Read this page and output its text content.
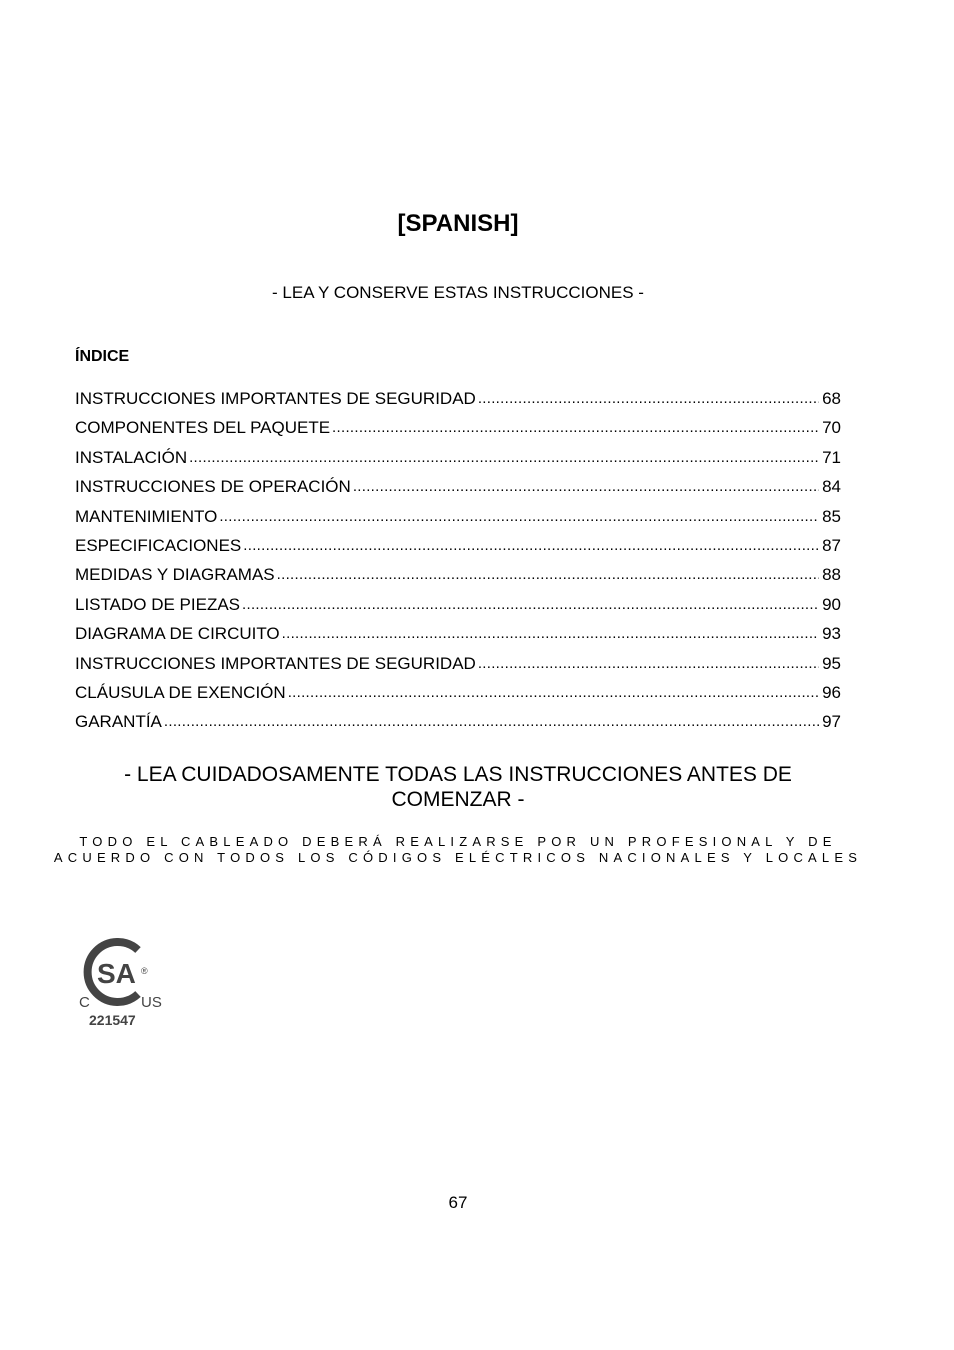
[SPANISH]
- LEA Y CONSERVE ESTAS INSTRUCCIONES -
ÍNDICE
INSTRUCCIONES IMPORTANTES DE SEGURIDAD .....	68
COMPONENTES DEL PAQUETE .....	70
INSTALACIÓN .....	71
INSTRUCCIONES DE OPERACIÓN .....	84
MANTENIMIENTO .....	85
ESPECIFICACIONES .....	87
MEDIDAS Y DIAGRAMAS .....	88
LISTADO DE PIEZAS .....	90
DIAGRAMA DE CIRCUITO .....	93
INSTRUCCIONES IMPORTANTES DE SEGURIDAD .....	95
CLÁUSULA DE EXENCIÓN .....	96
GARANTÍA .....	97
- LEA CUIDADOSAMENTE TODAS LAS INSTRUCCIONES ANTES DE
COMENZAR -
TODO EL CABLEADO DEBERÁ REALIZARSE POR UN PROFESIONAL Y DE
ACUERDO CON TODOS LOS CÓDIGOS ELÉCTRICOS NACIONALES Y LOCALES
SA ®
C	US
221547
67
